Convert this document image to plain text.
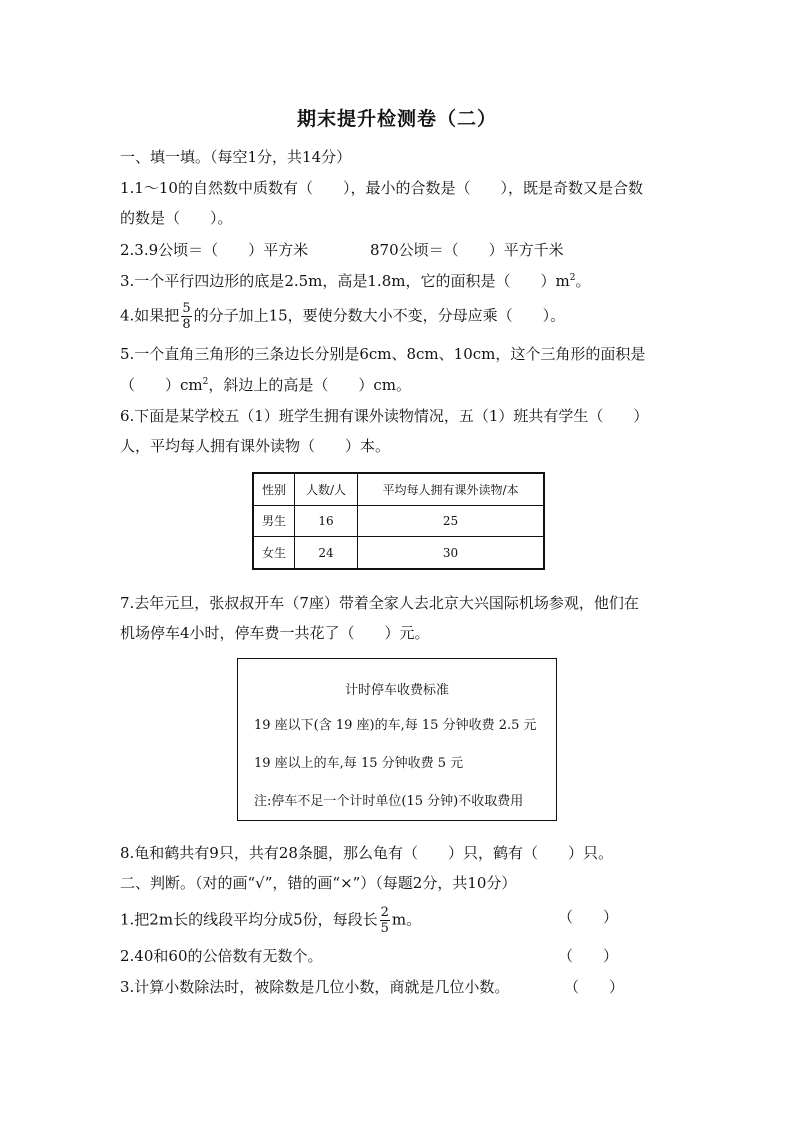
期末提升检测卷（二）
一、填一填。（每空1分，共14分）
1.1～10的自然数中质数有（　　），最小的合数是（　　），既是奇数又是合数
的数是（　　）。
2.3.9公顷＝（　　）平方米	870公顷＝（　　）平方千米
3.一个平行四边形的底是2.5m，高是1.8m，它的面积是（　　）$m^2$。
4.如果把 $\frac{5}{8}$ 的分子加上15，要使分数大小不变，分母应乘（　　）。
5.一个直角三角形的三条边长分别是6cm、8cm、10cm，这个三角形的面积是
（　　）$cm^2$，斜边上的高是（　　）cm。
6.下面是某学校五（1）班学生拥有课外读物情况，五（1）班共有学生（　　）
人，平均每人拥有课外读物（　　）本。
性别	人数/人	平均每人拥有课外读物/本
男生	16	25
女生	24	30
7.去年元旦，张叔叔开车（7座）带着全家人去北京大兴国际机场参观，他们在
机场停车4小时，停车费一共花了（　　）元。
计时停车收费标准
19 座以下(含 19 座)的车,每 15 分钟收费 2.5 元
19 座以上的车,每 15 分钟收费 5 元
注:停车不足一个计时单位(15 分钟)不收取费用
8.龟和鹤共有9只，共有28条腿，那么龟有（　　）只，鹤有（　　）只。
二、判断。（对的画“√”，错的画“×”）（每题2分，共10分）
1.把2m长的线段平均分成5份，每段长 $\frac{2}{5}$ m。	（　　）
2.40和60的公倍数有无数个。	（　　）
3.计算小数除法时，被除数是几位小数，商就是几位小数。	（　　）
